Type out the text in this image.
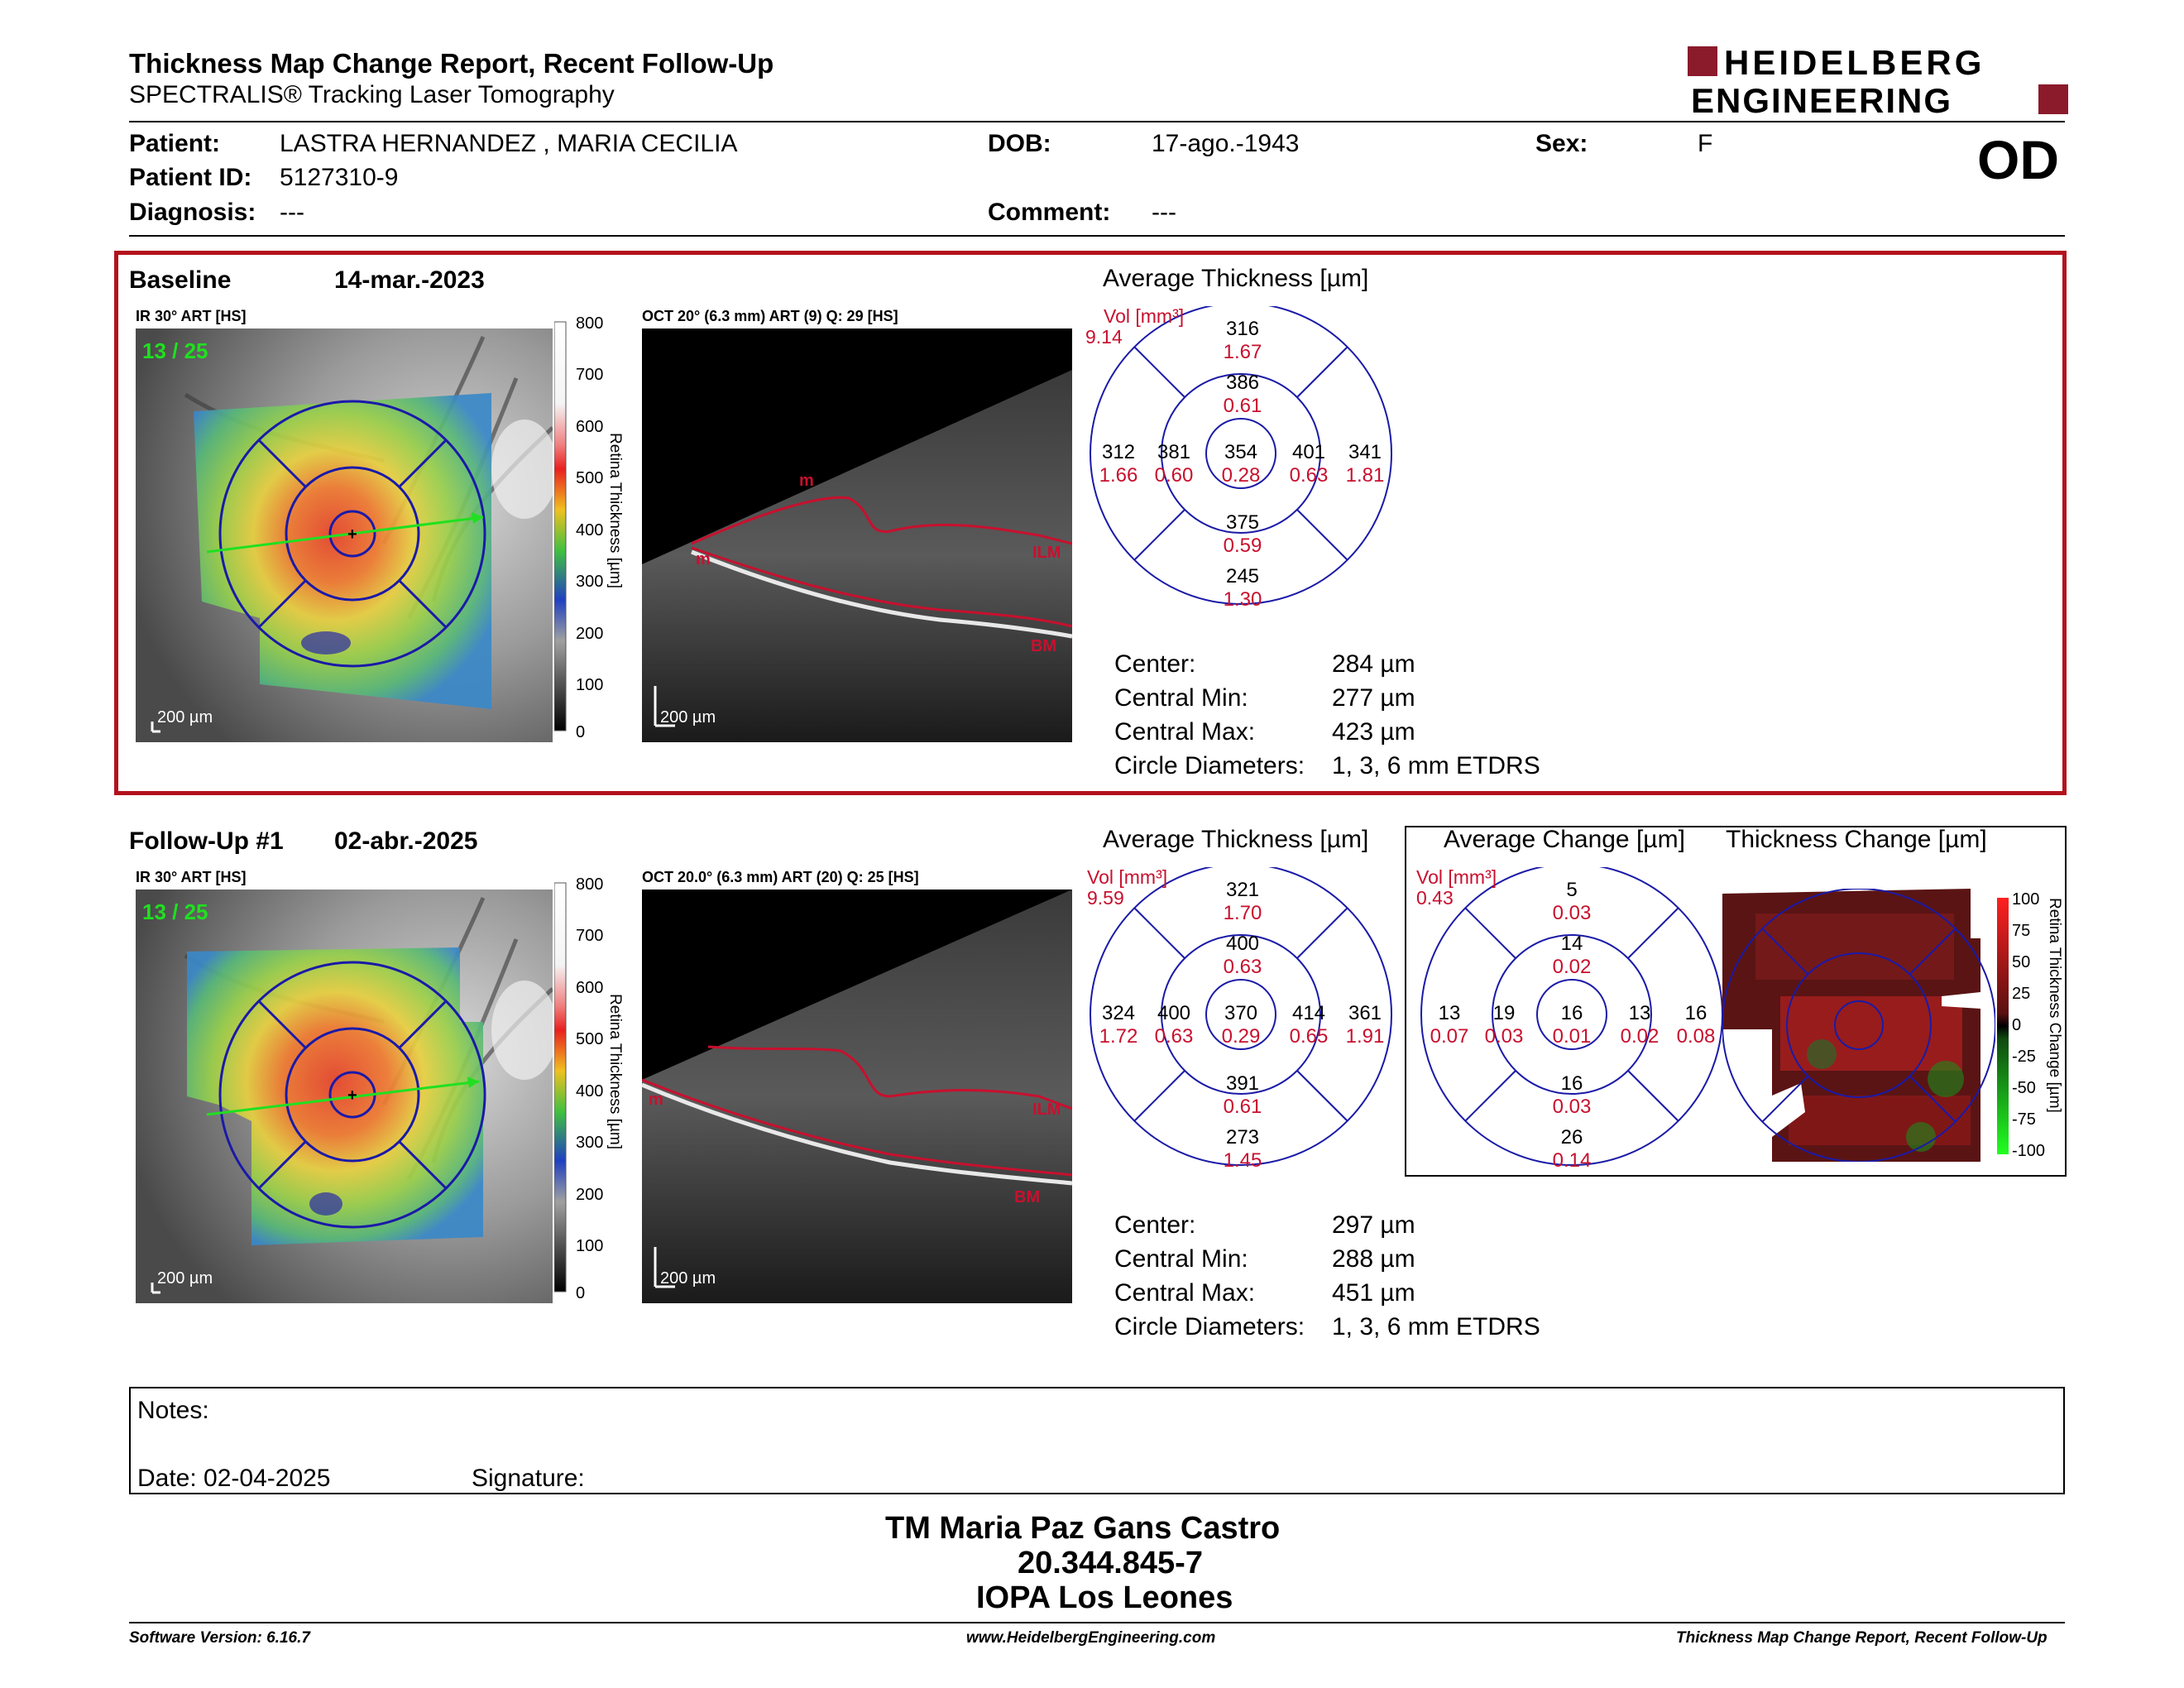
Thickness Map Change Report, Recent Follow-Up
SPECTRALIS® Tracking Laser Tomography
HEIDELBERG
ENGINEERING
Patient: LASTRA HERNANDEZ , MARIA CECILIA
Patient ID: 5127310-9
Diagnosis: ---
DOB:	17-ago.-1943
Comment: ---
Sex:	F	OD
Baseline	14-mar.-2023
IR 30° ART [HS]	OCT 20° (6.3 mm) ART (9) Q: 29 [HS]
+
13 / 25
200 µm
800
700
600
500
400
300
200
100
0
Retina Thickness [µm]	m
m	ILM
BM
200 µm
Average Thickness [µm]
Vol [mm³]
9.14	316
1.67
386
0.61
312
1.66
381
0.60
354
0.28
401
0.63
341
1.81
375
0.59
245
1.30
Center:	284 µm
Central Min:	277 µm
Central Max:	423 µm
Circle Diameters: 1, 3, 6 mm ETDRS
Follow-Up #1 02-abr.-2025
IR 30° ART [HS]	OCT 20.0° (6.3 mm) ART (20) Q: 25 [HS]
+
13 / 25
200 µm
800
700
600
500
400
300
200
100
0
Retina Thickness [µm] m
ILM
BM
200 µm
Average Thickness [µm]
Vol [mm³]
9.59	321
1.70
400
0.63
324
1.72
400
0.63
370
0.29
414
0.65
361
1.91
391
0.61
273
1.45
Average Change [µm] Thickness Change [µm]
Vol [mm³]
0.43	5
0.03
14
0.02
13
0.07
19
0.03
16
0.01
13
0.02
16
0.08
16
0.03
26
0.14
100
75
50
25
0
-25
-50
-75
-100
Retina Thickness Change [µm]
Center:	297 µm
Central Min:	288 µm
Central Max:	451 µm
Circle Diameters: 1, 3, 6 mm ETDRS
Notes:
Date: 02-04-2025	Signature:
TM Maria Paz Gans Castro
20.344.845-7
IOPA Los Leones
Software Version: 6.16.7	www.HeidelbergEngineering.com	Thickness Map Change Report, Recent Follow-Up
